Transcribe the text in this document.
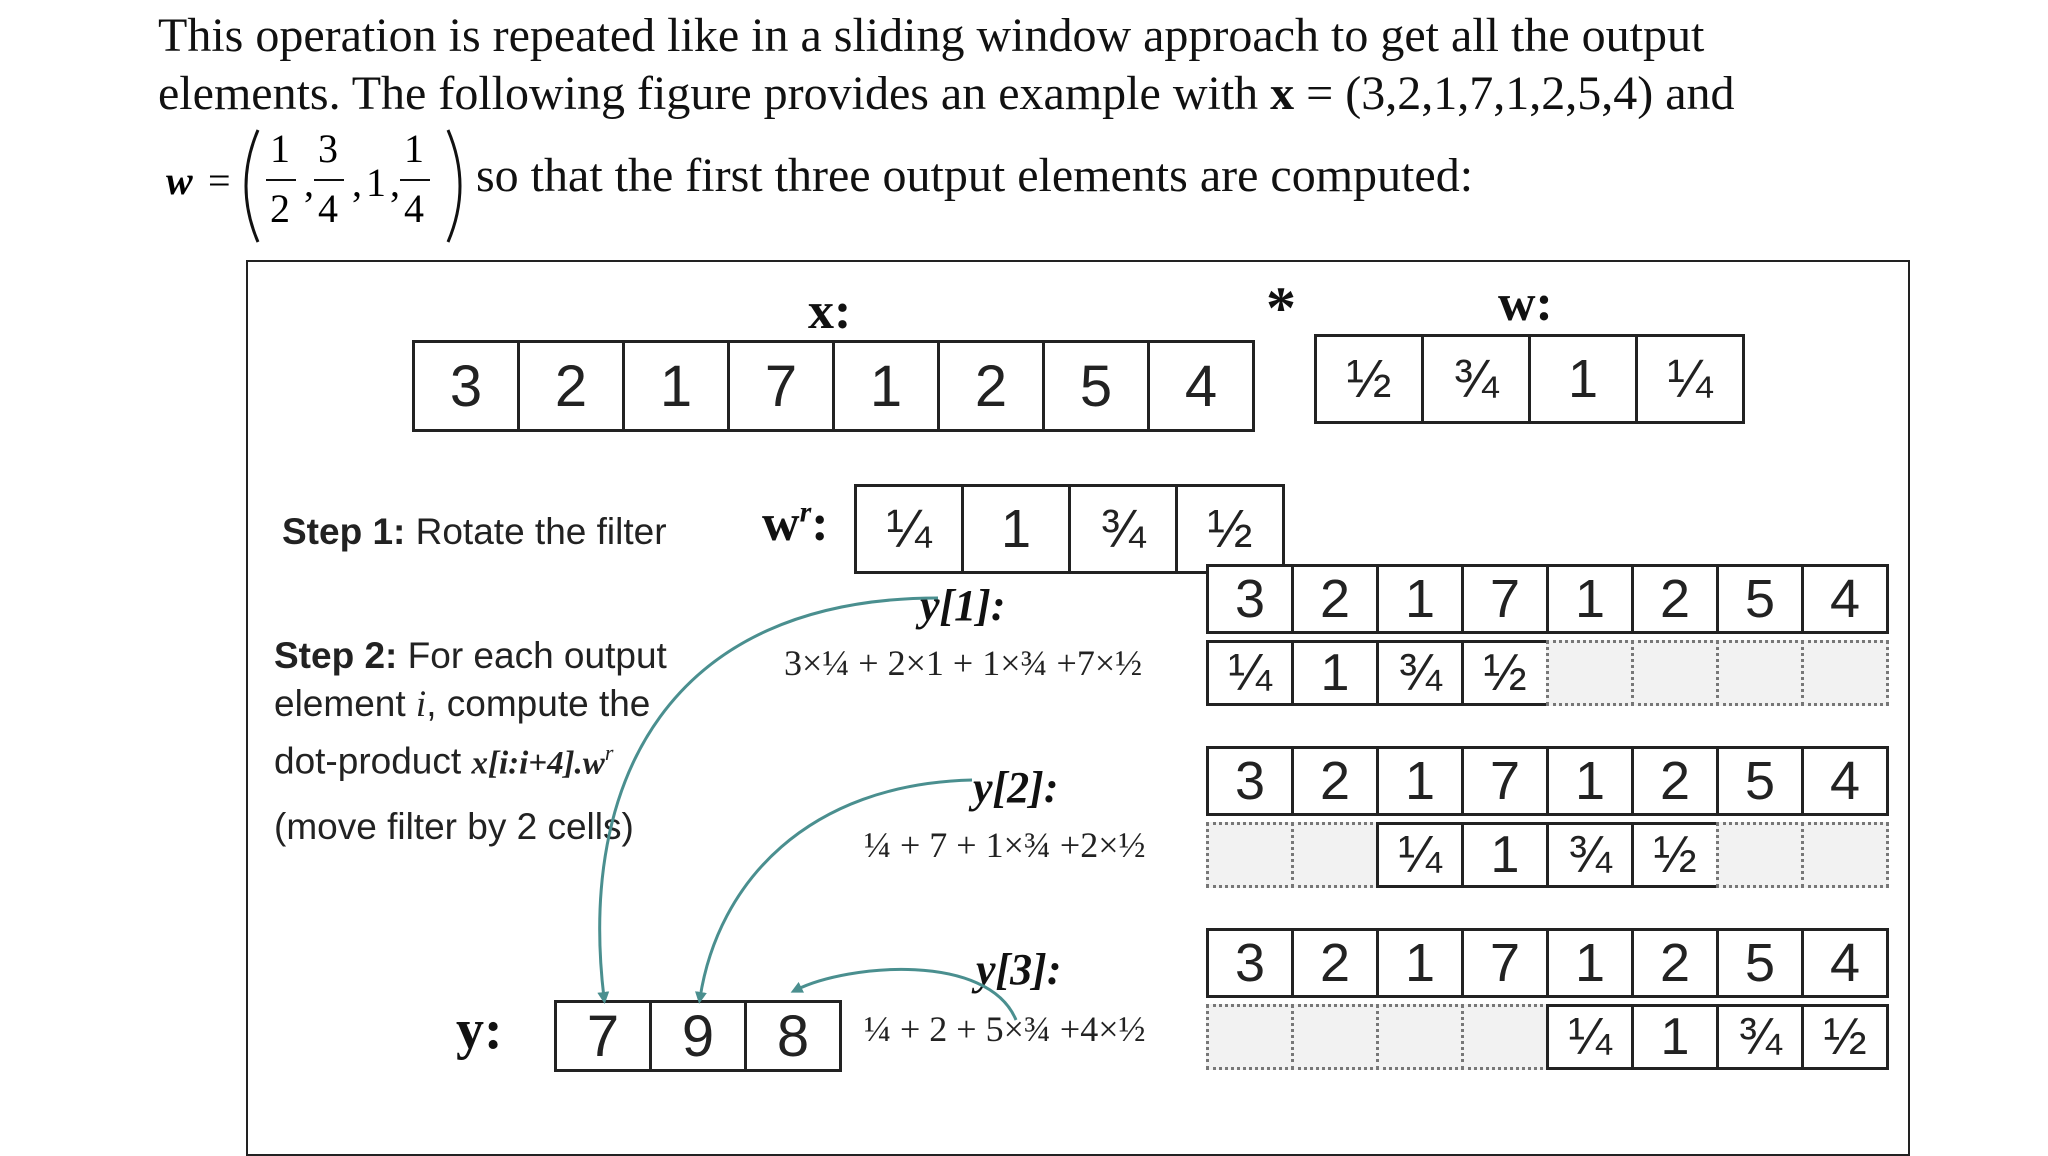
This operation is repeated like in a sliding window approach to get all the output
elements. The following figure provides an example with x = (3,2,1,7,1,2,5,4) and
w =
1
2
,
3
4
, 1 ,
1
4
so that the first three output elements are computed:
x:	*	w:
3	2	1	7	1	2	5	4	½	¾	1	¼
Step 1: Rotate the filter $w^r$:	¼	1	¾	½
Step 2: For each output
element i, compute the
dot-product $x[i:i+4].w^r$
(move filter by 2 cells)
3	2	1	7	1	2	5	4
¼ 1 ¾ ½
y[1]:
3×¼ + 2×1 + 1×¾ +7×½
3	2	1	7	1	2	5	4
¼ 1 ¾ ½
y[2]:
¼ + 7 + 1×¾ +2×½
3	2	1	7	1	2	5	4
¼ 1 ¾ ½
y[3]:
¼ + 2 + 5×¾ +4×½
y:	7	9	8
